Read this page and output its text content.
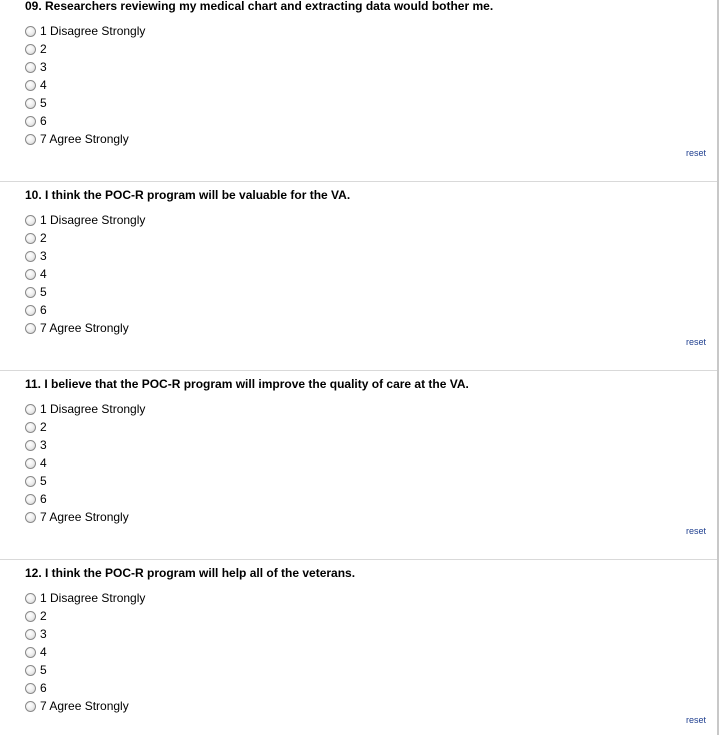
09. Researchers reviewing my medical chart and extracting data would bother me.
1 Disagree Strongly
2
3
4
5
6
7 Agree Strongly
reset
10. I think the POC-R program will be valuable for the VA.
1 Disagree Strongly
2
3
4
5
6
7 Agree Strongly
reset
11. I believe that the POC-R program will improve the quality of care at the VA.
1 Disagree Strongly
2
3
4
5
6
7 Agree Strongly
reset
12. I think the POC-R program will help all of the veterans.
1 Disagree Strongly
2
3
4
5
6
7 Agree Strongly
reset
